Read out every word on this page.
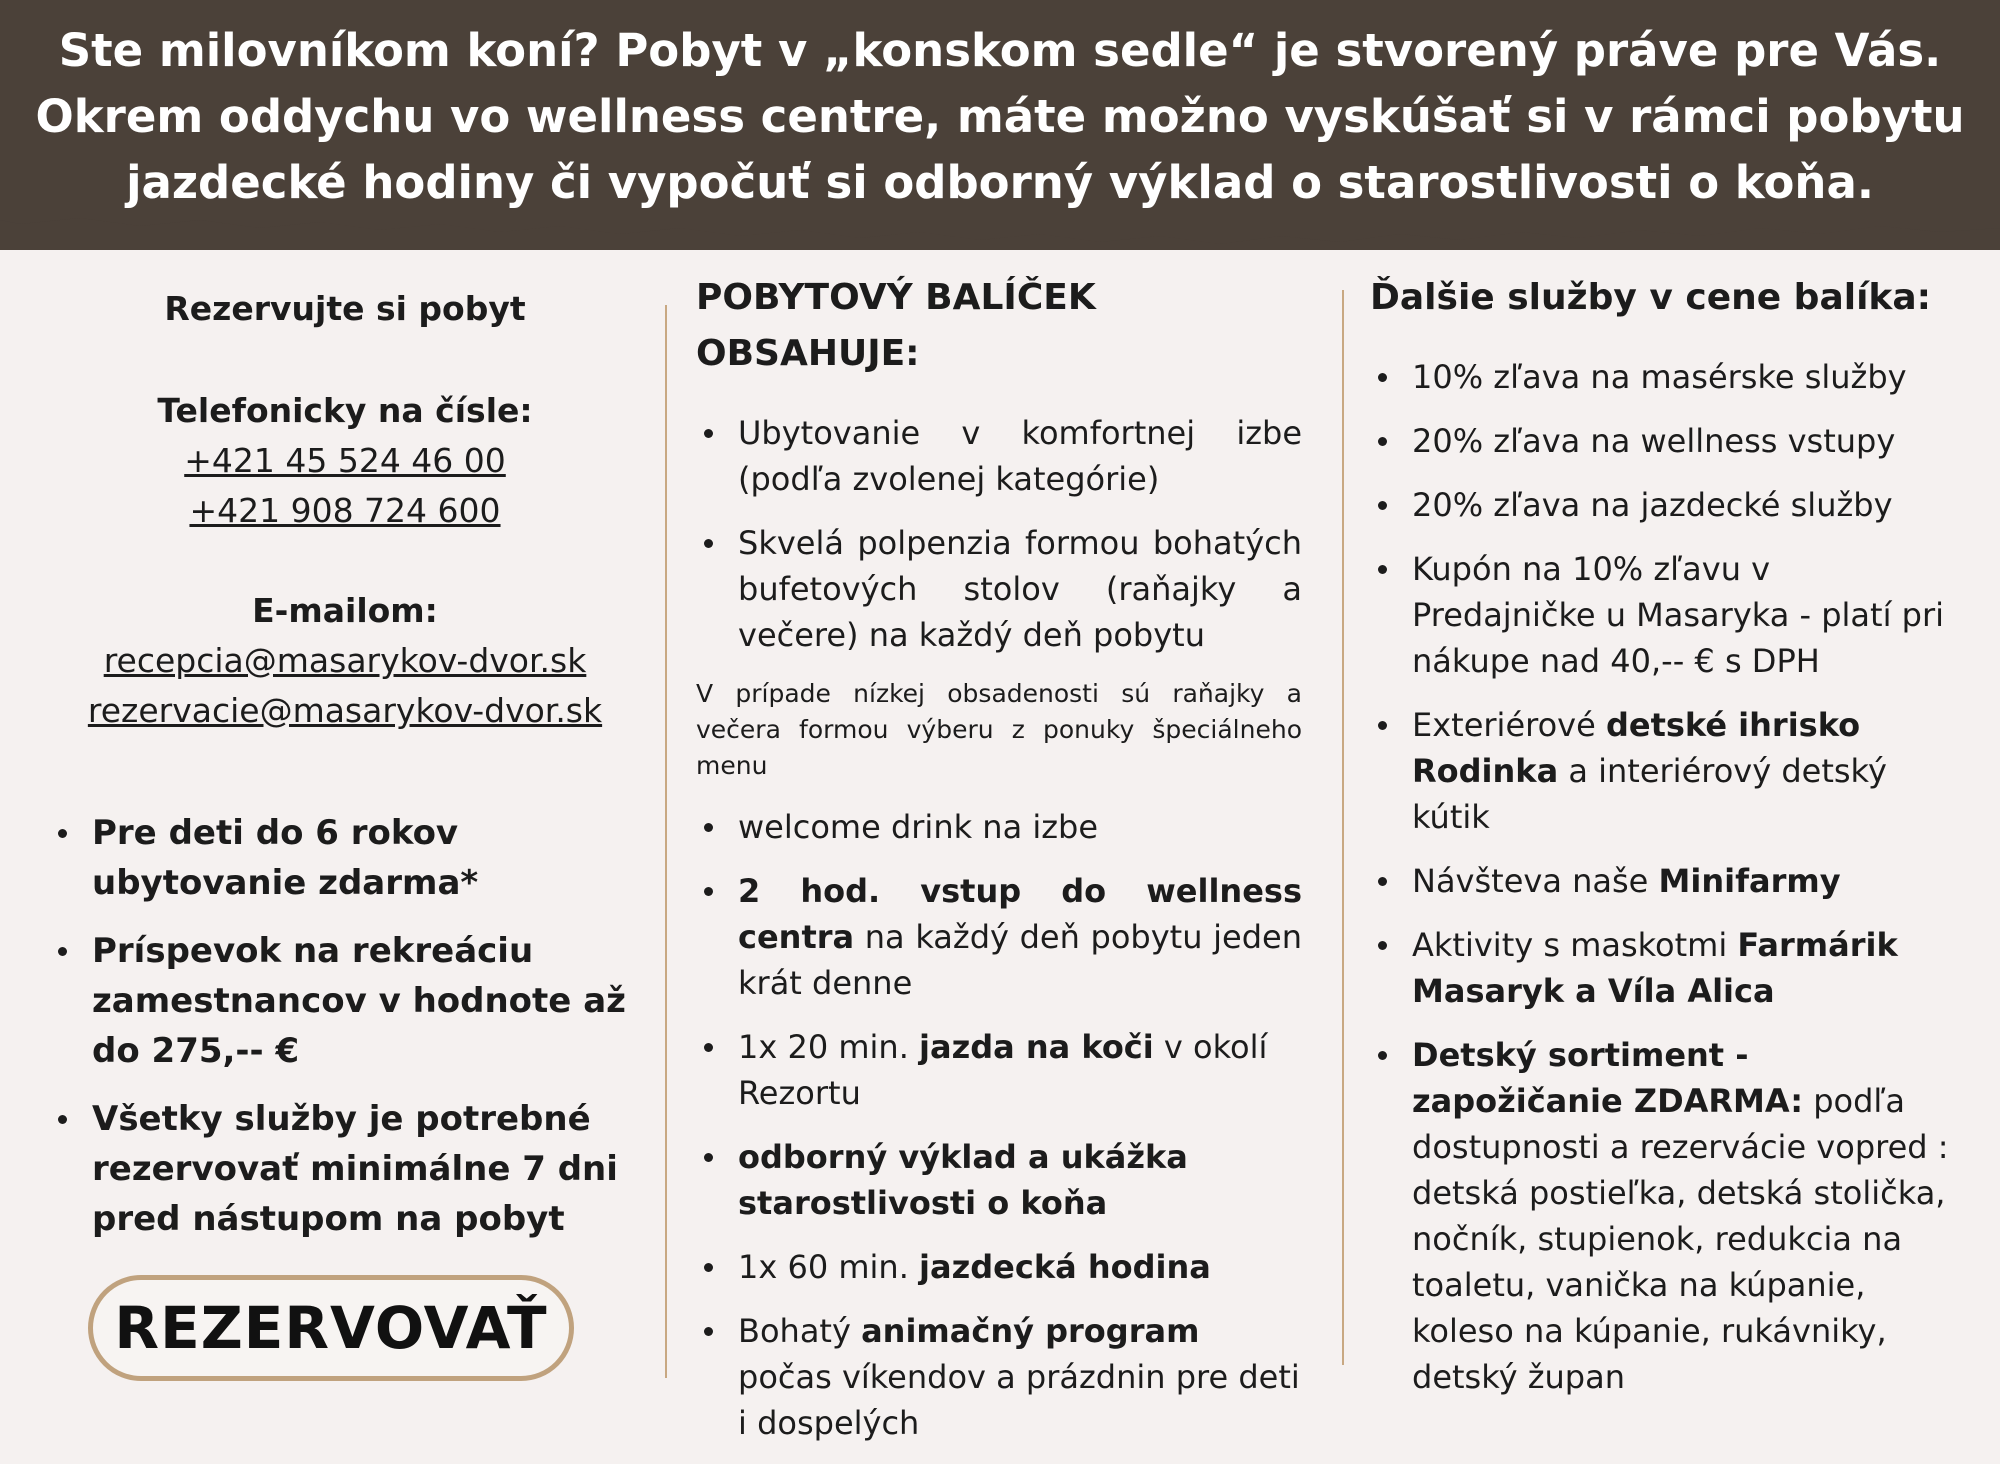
Ste milovníkom koní? Pobyt v „konskom sedle“ je stvorený práve pre Vás. Okrem oddychu vo wellness centre, máte možno vyskúšať si v rámci pobytu jazdecké hodiny či vypočuť si odborný výklad o starostlivosti o koňa.

Rezervujte si pobyt

Telefonicky na čísle:

+421 45 524 46 00

+421 908 724 600

E-mailom:

recepcia@masarykov-dvor.sk

rezervacie@masarykov-dvor.sk

Pre deti do 6 rokov ubytovanie zdarma*
Príspevok na rekreáciu zamestnancov v hodnote až do 275,-- €
Všetky služby je potrebné rezervovať minimálne 7 dni pred nástupom na pobyt
REZERVOVAŤ

POBYTOVÝ BALÍČEK OBSAHUJE:

Ubytovanie v komfortnej izbe (podľa zvolenej kategórie)
Skvelá polpenzia formou bohatých bufetových stolov (raňajky a večere) na každý deň pobytu

V prípade nízkej obsadenosti sú raňajky a večera formou výberu z ponuky špeciálneho menu

welcome drink na izbe
2 hod. vstup do wellness centra na každý deň pobytu jeden krát denne
1x 20 min. jazda na koči v okolí Rezortu
odborný výklad a ukážka starostlivosti o koňa
1x 60 min. jazdecká hodina
Bohatý animačný program počas víkendov a prázdnin pre deti i dospelých

Ďalšie služby v cene balíka:

10% zľava na masérske služby
20% zľava na wellness vstupy
20% zľava na jazdecké služby
Kupón na 10% zľavu v Predajničke u Masaryka - platí pri nákupe nad 40,-- € s DPH
Exteriérové detské ihrisko Rodinka a interiérový detský kútik
Návšteva naše Minifarmy
Aktivity s maskotmi Farmárik Masaryk a Víla Alica
Detský sortiment - zapožičanie ZDARMA: podľa dostupnosti a rezervácie vopred : detská postieľka, detská stolička, nočník, stupienok, redukcia na toaletu, vanička na kúpanie, koleso na kúpanie, rukávniky, detský župan
